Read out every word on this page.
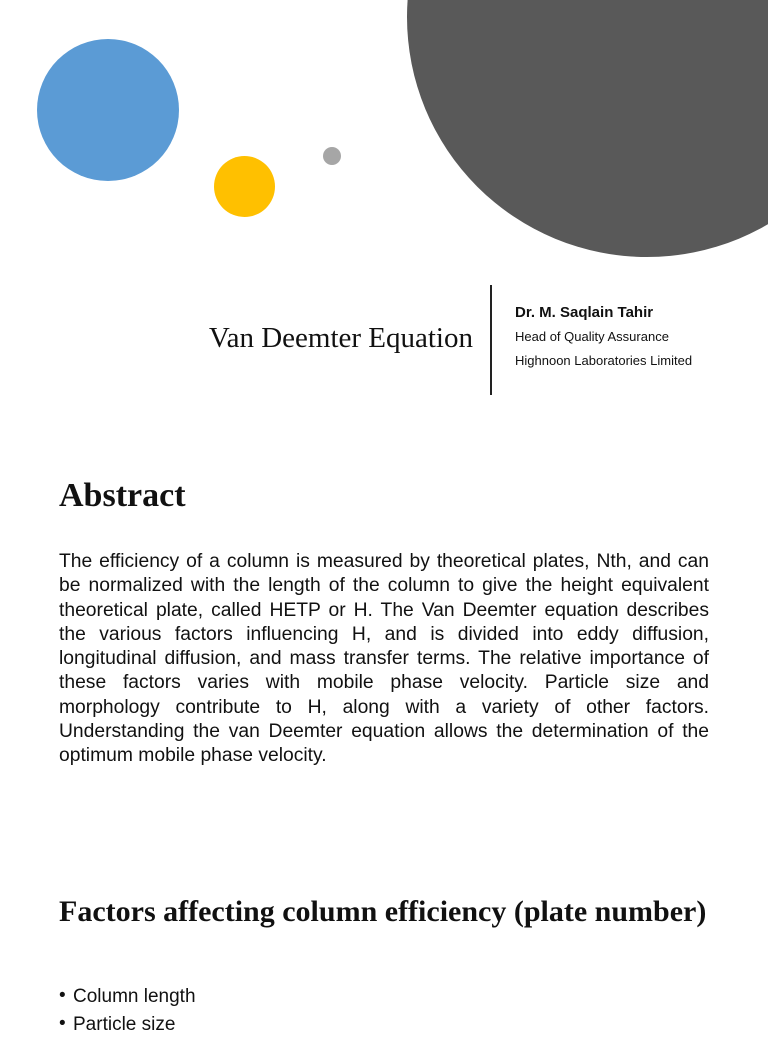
Van Deemter Equation
Dr. M. Saqlain Tahir
Head of Quality Assurance
Highnoon Laboratories Limited
Abstract

The efficiency of a column is measured by theoretical plates, Nth, and can be normalized with the length of the column to give the height equivalent theoretical plate, called HETP or H. The Van Deemter equation describes the various factors influencing H, and is divided into eddy diffusion, longitudinal diffusion, and mass transfer terms. The relative importance of these factors varies with mobile phase velocity. Particle size and morphology contribute to H, along with a variety of other factors. Understanding the van Deemter equation allows the determination of the optimum mobile phase velocity.

Factors affecting column efficiency (plate number)
• Column length
• Particle size
